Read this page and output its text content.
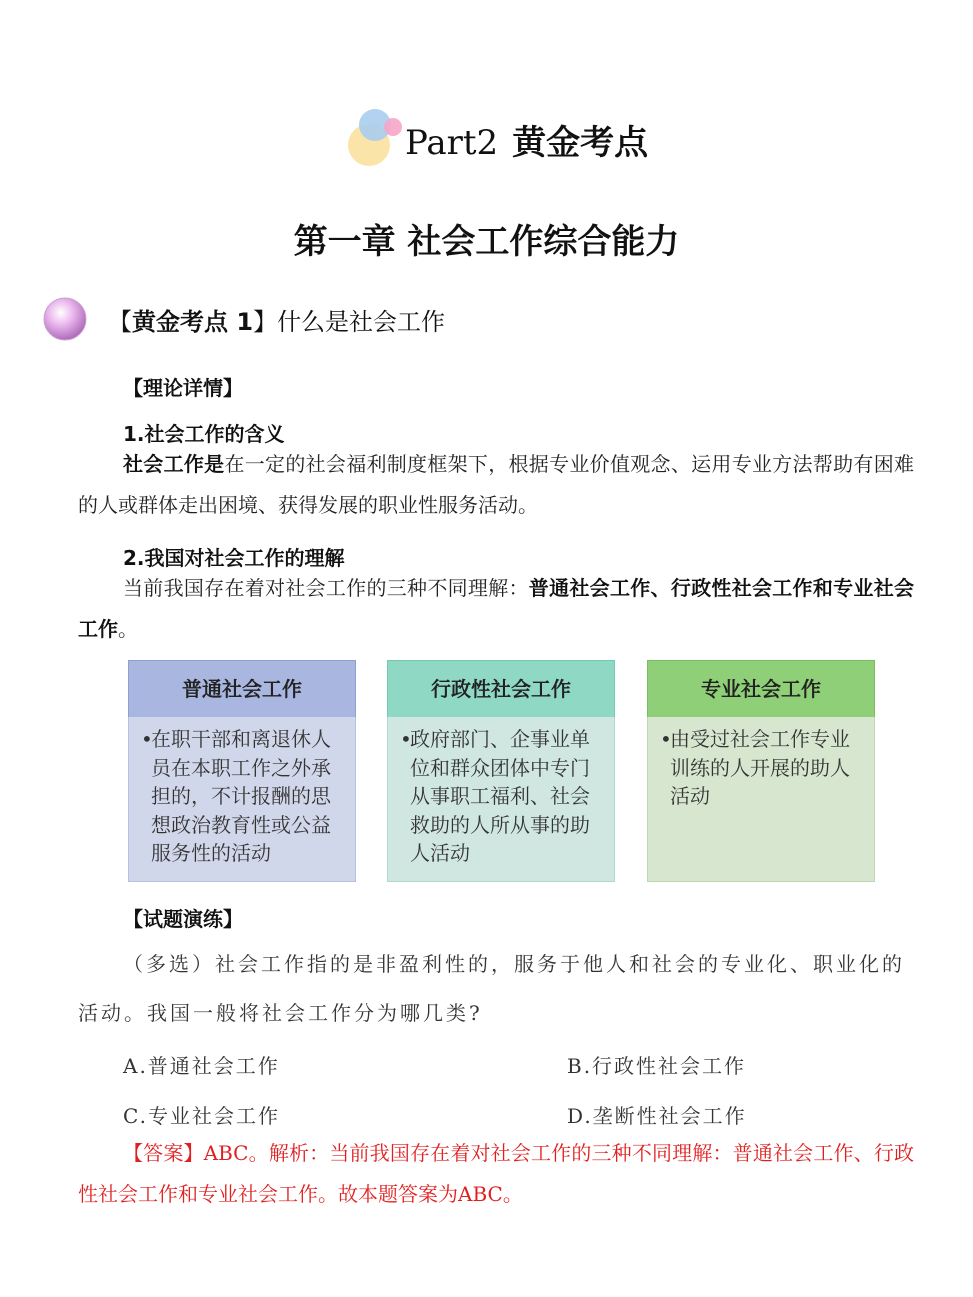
Part2 黄金考点
第一章 社会工作综合能力
【黄金考点 1】什么是社会工作
【理论详情】
1.社会工作的含义
社会工作是在一定的社会福利制度框架下，根据专业价值观念、运用专业方法帮助有困难的人或群体走出困境、获得发展的职业性服务活动。
2.我国对社会工作的理解
当前我国存在着对社会工作的三种不同理解：普通社会工作、行政性社会工作和专业社会工作。
普通社会工作
•
在职干部和离退休人员在本职工作之外承担的，不计报酬的思想政治教育性或公益服务性的活动
行政性社会工作
•
政府部门、企事业单位和群众团体中专门从事职工福利、社会救助的人所从事的助人活动
专业社会工作
•
由受过社会工作专业训练的人开展的助人活动
【试题演练】
（多选）社会工作指的是非盈利性的，服务于他人和社会的专业化、职业化的活动。我国一般将社会工作分为哪几类?
A.普通社会工作	B.行政性社会工作
C.专业社会工作	D.垄断性社会工作
【答案】ABC。解析：当前我国存在着对社会工作的三种不同理解：普通社会工作、行政性社会工作和专业社会工作。故本题答案为ABC。
